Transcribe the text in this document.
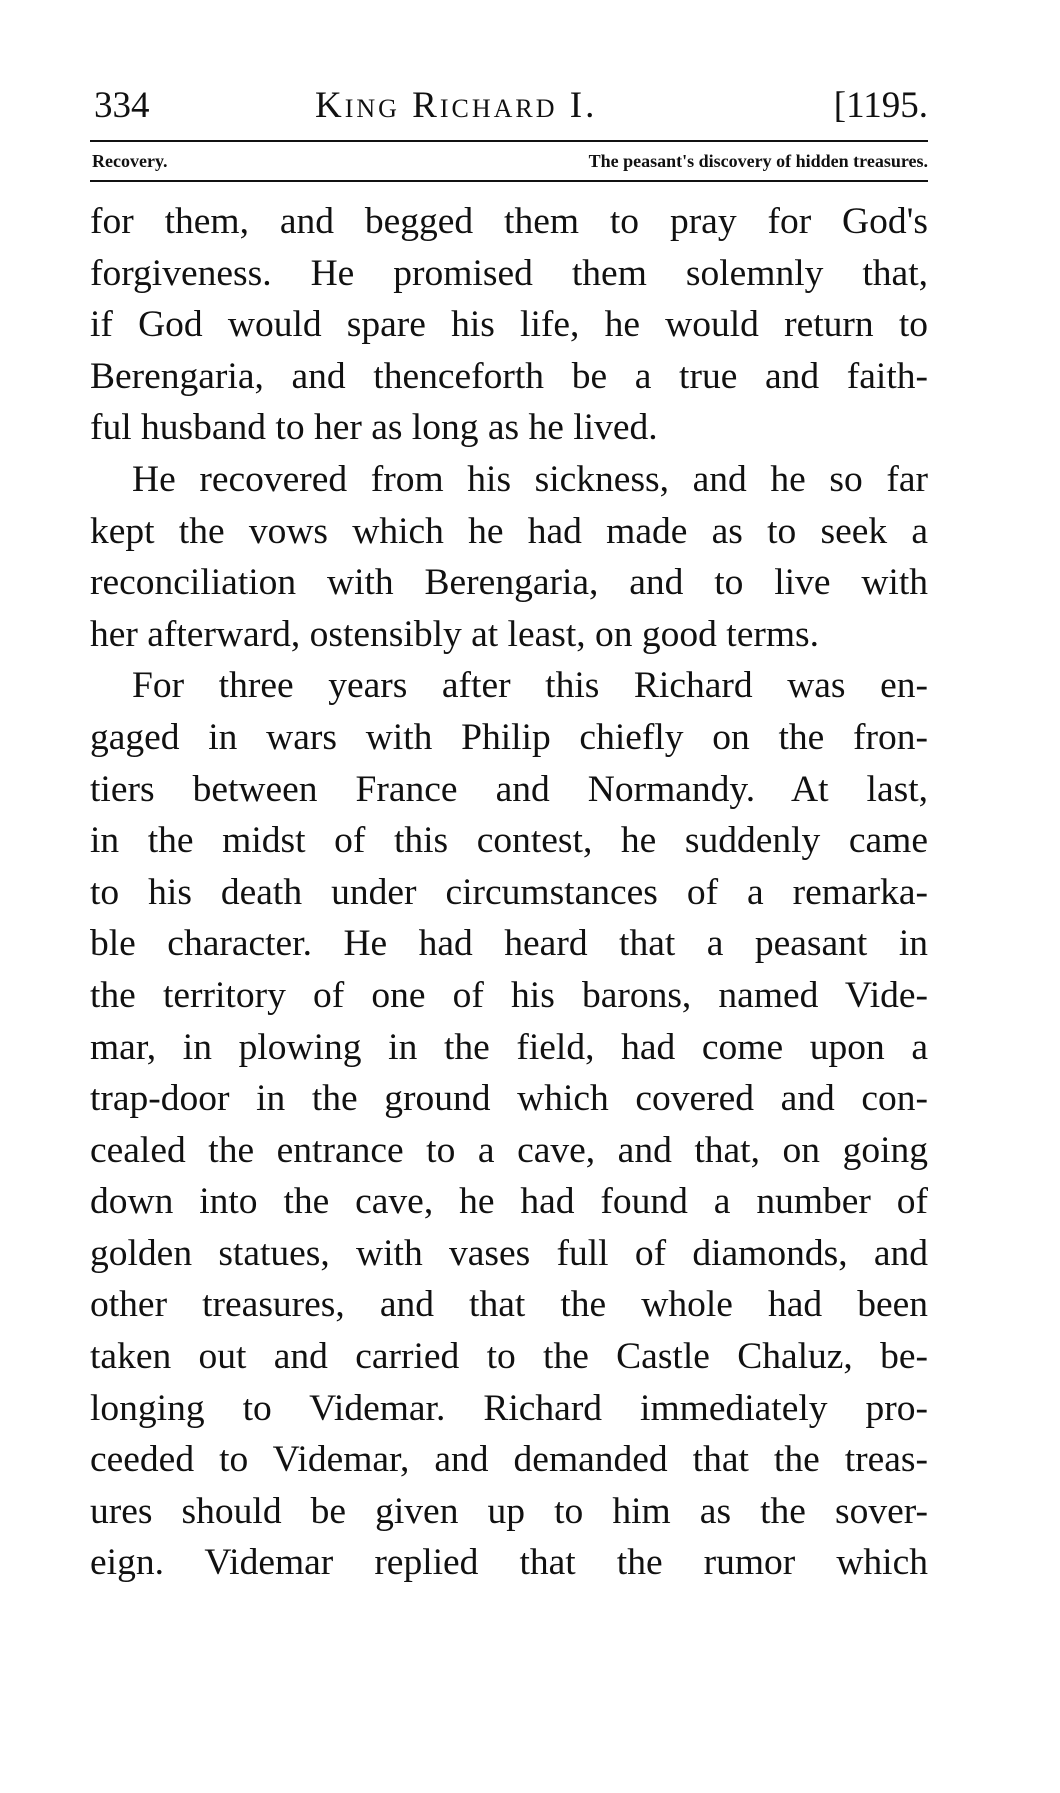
334	King Richard I.	[1195.
Recovery.	The peasant's discovery of hidden treasures.
for them, and begged them to pray for God's
forgiveness. He promised them solemnly that,
if God would spare his life, he would return to
Berengaria, and thenceforth be a true and faith-
ful husband to her as long as he lived.
He recovered from his sickness, and he so far
kept the vows which he had made as to seek a
reconciliation with Berengaria, and to live with
her afterward, ostensibly at least, on good terms.
For three years after this Richard was en-
gaged in wars with Philip chiefly on the fron-
tiers between France and Normandy. At last,
in the midst of this contest, he suddenly came
to his death under circumstances of a remarka-
ble character. He had heard that a peasant in
the territory of one of his barons, named Vide-
mar, in plowing in the field, had come upon a
trap-door in the ground which covered and con-
cealed the entrance to a cave, and that, on going
down into the cave, he had found a number of
golden statues, with vases full of diamonds, and
other treasures, and that the whole had been
taken out and carried to the Castle Chaluz, be-
longing to Videmar. Richard immediately pro-
ceeded to Videmar, and demanded that the treas-
ures should be given up to him as the sover-
eign. Videmar replied that the rumor which
